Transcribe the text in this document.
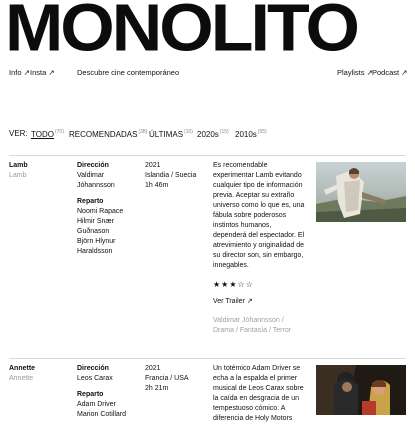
MONOLITO
Info ↗ Insta ↗	Descubre cine contemporáneo	Playlists ↗ Podcast ↗
VER: TODO$^{(70)}$ RECOMENDADAS$^{(38)}$ ÚLTIMAS$^{(10)}$ $2020s^{(15)}$ $2010s^{(55)}$
Lamb
Lamb
Dirección
Valdimar
Jóhannsson
Reparto
Noomi Rapace
Hilmir Snær
Guðnason
Björn Hlynur
Haraldsson
2021
Islandia / Suecia
1h 46m
Es recomendable experimentar Lamb evitando cualquier tipo de información previa. Aceptar su extraño universo como lo que es, una fábula sobre poderosos instintos humanos, dependerá del espectador. El atrevimiento y originalidad de su director son, sin embargo, innegables.
★★★☆☆
Ver Trailer ↗
Valdimar Jóhannsson / Drama / Fantasía / Terror
Annette
Annette
Dirección
Leos Carax
Reparto
Adam Driver
Marion Cotillard
2021
Francia / USA
2h 21m
Un totémico Adam Driver se echa a la espalda el primer musical de Leos Carax sobre la caída en desgracia de un tempestuoso cómico. A diferencia de Holy Motors
